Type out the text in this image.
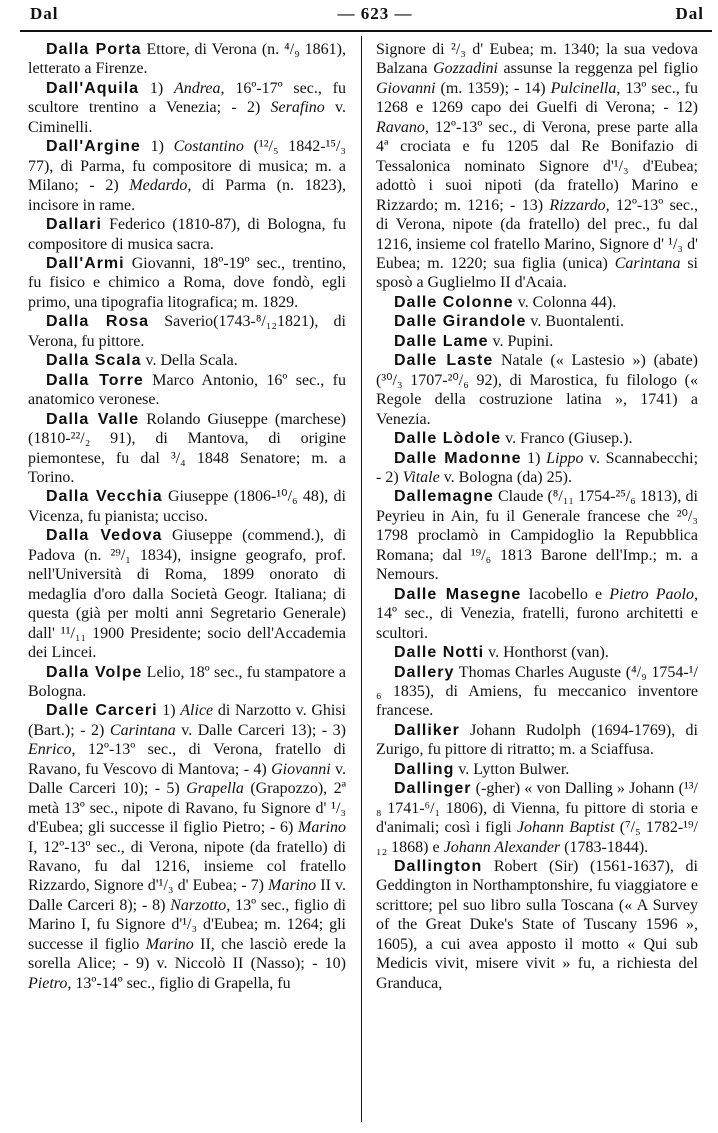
Dal	— 623 —	Dal

Dalla Porta Ettore, di Verona (n. ⁴/₉ 1861), letterato a Firenze.

Dall'Aquila 1) Andrea, 16º-17º sec., fu scultore trentino a Venezia; - 2) Serafino v. Ciminelli.

Dall'Argine 1) Costantino (¹²/₅ 1842-¹⁵/₃ 77), di Parma, fu compositore di musica; m. a Milano; - 2) Medardo, di Parma (n. 1823), incisore in rame.

Dallari Federico (1810-87), di Bologna, fu compositore di musica sacra.

Dall'Armi Giovanni, 18º-19º sec., trentino, fu fisico e chimico a Roma, dove fondò, egli primo, una tipografia litografica; m. 1829.

Dalla Rosa Saverio(1743-⁸/₁₂1821), di Verona, fu pittore.

Dalla Scala v. Della Scala.

Dalla Torre Marco Antonio, 16º sec., fu anatomico veronese.

Dalla Valle Rolando Giuseppe (marchese) (1810-²²/₂ 91), di Mantova, di origine piemontese, fu dal ³/₄ 1848 Senatore; m. a Torino.

Dalla Vecchia Giuseppe (1806-¹⁰/₆ 48), di Vicenza, fu pianista; ucciso.

Dalla Vedova Giuseppe (commend.), di Padova (n. ²⁹/₁ 1834), insigne geografo, prof. nell'Università di Roma, 1899 onorato di medaglia d'oro dalla Società Geogr. Italiana; di questa (già per molti anni Segretario Generale) dall' ¹¹/₁₁ 1900 Presidente; socio dell'Accademia dei Lincei.

Dalla Volpe Lelio, 18º sec., fu stampatore a Bologna.

Dalle Carceri 1) Alice di Narzotto v. Ghisi (Bart.); - 2) Carintana v. Dalle Carceri 13); - 3) Enrico, 12º-13º sec., di Verona, fratello di Ravano, fu Vescovo di Mantova; - 4) Giovanni v. Dalle Carceri 10); - 5) Grapella (Grapozzo), 2ª metà 13º sec., nipote di Ravano, fu Signore d' ¹/₃ d'Eubea; gli successe il figlio Pietro; - 6) Marino I, 12º-13º sec., di Verona, nipote (da fratello) di Ravano, fu dal 1216, insieme col fratello Rizzardo, Signore d'¹/₃ d' Eubea; - 7) Marino II v. Dalle Carceri 8); - 8) Narzotto, 13º sec., figlio di Marino I, fu Signore d'¹/₃ d'Eubea; m. 1264; gli successe il figlio Marino II, che lasciò erede la sorella Alice; - 9) v. Niccolò II (Nasso); - 10) Pietro, 13º-14º sec., figlio di Grapella, fu

Signore di ²/₃ d' Eubea; m. 1340; la sua vedova Balzana Gozzadini assunse la reggenza pel figlio Giovanni (m. 1359); - 14) Pulcinella, 13º sec., fu 1268 e 1269 capo dei Guelfi di Verona; - 12) Ravano, 12º-13º sec., di Verona, prese parte alla 4ª crociata e fu 1205 dal Re Bonifazio di Tessalonica nominato Signore d'¹/₃ d'Eubea; adottò i suoi nipoti (da fratello) Marino e Rizzardo; m. 1216; - 13) Rizzardo, 12º-13º sec., di Verona, nipote (da fratello) del prec., fu dal 1216, insieme col fratello Marino, Signore d' ¹/₃ d' Eubea; m. 1220; sua figlia (unica) Carintana si sposò a Guglielmo II d'Acaia.

Dalle Colonne v. Colonna 44).

Dalle Girandole v. Buontalenti.

Dalle Lame v. Pupini.

Dalle Laste Natale (« Lastesio ») (abate) (³⁰/₃ 1707-²⁰/₆ 92), di Marostica, fu filologo (« Regole della costruzione latina », 1741) a Venezia.

Dalle Lòdole v. Franco (Giusep.).

Dalle Madonne 1) Lippo v. Scannabecchi; - 2) Vitale v. Bologna (da) 25).

Dallemagne Claude (⁸/₁₁ 1754-²⁵/₆ 1813), di Peyrieu in Ain, fu il Generale francese che ²⁰/₃ 1798 proclamò in Campidoglio la Repubblica Romana; dal ¹⁹/₆ 1813 Barone dell'Imp.; m. a Nemours.

Dalle Masegne Iacobello e Pietro Paolo, 14º sec., di Venezia, fratelli, furono architetti e scultori.

Dalle Notti v. Honthorst (van).

Dallery Thomas Charles Auguste (⁴/₉ 1754-¹/₆ 1835), di Amiens, fu meccanico inventore francese.

Dalliker Johann Rudolph (1694-1769), di Zurigo, fu pittore di ritratto; m. a Sciaffusa.

Dalling v. Lytton Bulwer.

Dallinger (-gher) « von Dalling » Johann (¹³/₈ 1741-⁶/₁ 1806), di Vienna, fu pittore di storia e d'animali; così i figli Johann Baptist (⁷/₅ 1782-¹⁹/₁₂ 1868) e Johann Alexander (1783-1844).

Dallington Robert (Sir) (1561-1637), di Geddington in Northamptonshire, fu viaggiatore e scrittore; pel suo libro sulla Toscana (« A Survey of the Great Duke's State of Tuscany 1596 », 1605), a cui avea apposto il motto « Qui sub Medicis vivit, misere vivit » fu, a richiesta del Granduca,
